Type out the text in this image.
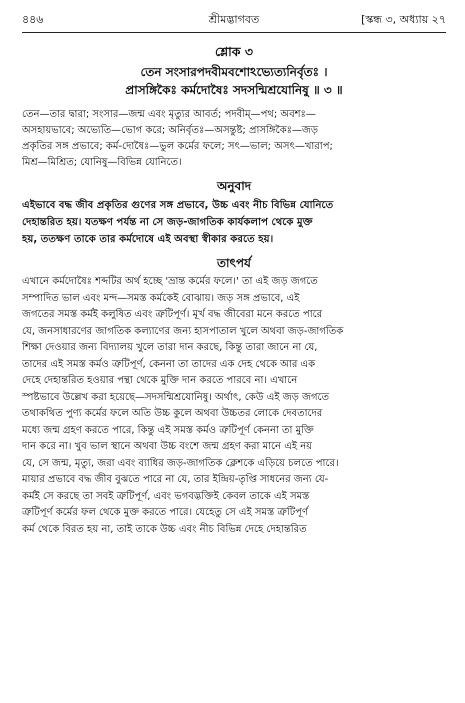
৪৪৬	শ্রীমদ্ভাগবত	[স্কন্ধ ৩, অধ্যায় ২৭
শ্লোক ৩
তেন সংসারপদবীমবশোঽভ্যেত্যনির্বৃতঃ ।
প্রাসঙ্গিকৈঃ কর্মদোষৈঃ সদসন্মিশ্রযোনিষু ॥ ৩ ॥
তেন—তার দ্বারা; সংসার—জন্ম এবং মৃত্যুর আবর্ত; পদবীম্—পথ; অবশঃ—
অসহায়ভাবে; অভ্যেতি—ভোগ করে; অনির্বৃতঃ—অসন্তুষ্ট; প্রাসঙ্গিকৈঃ—জড়
প্রকৃতির সঙ্গ প্রভাবে; কর্ম-দোষৈঃ—ভুল কর্মের ফলে; সৎ—ভাল; অসৎ—খারাপ;
মিশ্র—মিশ্রিত; যোনিষু—বিভিন্ন যোনিতে।
অনুবাদ
এইভাবে বদ্ধ জীব প্রকৃতির গুণের সঙ্গ প্রভাবে, উচ্চ এবং নীচ বিভিন্ন যোনিতে
দেহান্তরিত হয়। যতক্ষণ পর্যন্ত না সে জড়-জাগতিক কার্যকলাপ থেকে মুক্ত
হয়, ততক্ষণ তাকে তার কর্মদোষে এই অবস্থা স্বীকার করতে হয়।
তাৎপর্য
এখানে কর্মদোষৈঃ শব্দটির অর্থ হচ্ছে 'ভ্রান্ত কর্মের ফলে।' তা এই জড় জগতে
সম্পাদিত ভাল এবং মন্দ—সমস্ত কর্মকেই বোঝায়। জড় সঙ্গ প্রভাবে, এই
জগতের সমস্ত কর্মই কলুষিত এবং ত্রুটিপূর্ণ। মূর্খ বদ্ধ জীবেরা মনে করতে পারে
যে, জনসাধারণের জাগতিক কল্যাণের জন্য হাসপাতাল খুলে অথবা জড়-জাগতিক
শিক্ষা দেওয়ার জন্য বিদ্যালয় খুলে তারা দান করছে, কিন্তু তারা জানে না যে,
তাদের এই সমস্ত কর্মও ত্রুটিপূর্ণ, কেননা তা তাদের এক দেহ থেকে আর এক
দেহে দেহান্তরিত হওয়ার পন্থা থেকে মুক্তি দান করতে পারবে না। এখানে
স্পষ্টভাবে উল্লেখ করা হয়েছে—সদসন্মিশ্রযোনিষু। অর্থাৎ, কেউ এই জড় জগতে
তথাকথিত পুণ্য কর্মের ফলে অতি উচ্চ কুলে অথবা উচ্চতর লোকে দেবতাদের
মধ্যে জন্ম গ্রহণ করতে পারে, কিন্তু এই সমস্ত কর্মও ত্রুটিপূর্ণ কেননা তা মুক্তি
দান করে না। খুব ভাল স্থানে অথবা উচ্চ বংশে জন্ম গ্রহণ করা মানে এই নয়
যে, সে জন্ম, মৃত্যু, জরা এবং ব্যাধির জড়-জাগতিক ক্লেশকে এড়িয়ে চলতে পারে।
মায়ার প্রভাবে বদ্ধ জীব বুঝতে পারে না যে, তার ইন্দ্রিয়-তৃপ্তি সাধনের জন্য যে-
কর্মই সে করছে তা সবই ত্রুটিপূর্ণ, এবং ভগবদ্ভক্তিই কেবল তাকে এই সমস্ত
ত্রুটিপূর্ণ কর্মের ফল থেকে মুক্ত করতে পারে। যেহেতু সে এই সমস্ত ত্রুটিপূর্ণ
কর্ম থেকে বিরত হয় না, তাই তাকে উচ্চ এবং নীচ বিভিন্ন দেহে দেহান্তরিত
